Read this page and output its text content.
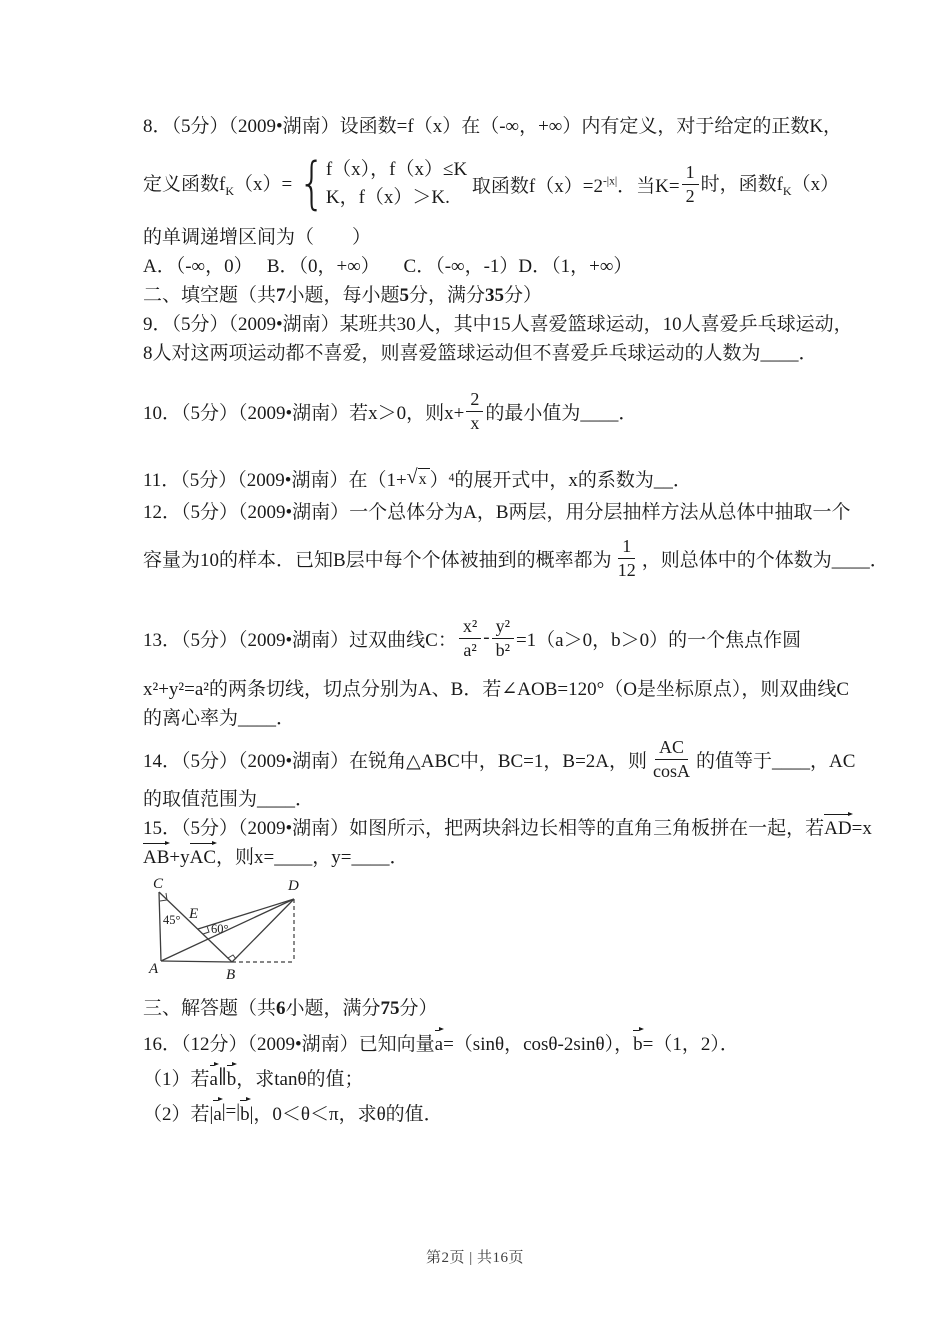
8．（5分）（2009•湖南）设函数=f（x）在（-∞，+∞）内有定义，对于给定的正数K，

定义函数$f_K(x)=$ { f（x），f（x）≤K
K，f（x）＞K.
取函数$f(x)=2^{-|x|}$．当$K= \frac{1}{2}$ 时，函数$f_K(x)$

的单调递增区间为（　　）

A．（-∞，0）   B．（0，+∞）     C．（-∞，-1）D．（1，+∞）

二、填空题（共7小题，每小题5分，满分35分）

9．（5分）（2009•湖南）某班共30人，其中15人喜爱篮球运动，10人喜爱乒乓球运动，

8人对这两项运动都不喜爱，则喜爱篮球运动但不喜爱乒乓球运动的人数为____．

10．（5分）（2009•湖南）若x＞0，则$x+ \frac{2}{x}$ 的最小值为____．
11．（5分）（2009•湖南）在（1+ √ x ） 4 的展开式中，x的系数为__．

12．（5分）（2009•湖南）一个总体分为A，B两层，用分层抽样方法从总体中抽取一个

容量为10的样本．已知B层中每个个体被抽到的概率都为 $\frac{1}{12}$ ，则总体中的个体数为____．
13．（5分）（2009•湖南）过双曲线C： $\frac{\text{x²}}{\text{a²}} - \frac{\text{y²}}{\text{b²}} =1(a>0$，b＞0）的一个焦点作圆

x²+y²=a²的两条切线，切点分别为A、B．若∠AOB=120°（O是坐标原点），则双曲线C

的离心率为____．

14．（5分）（2009•湖南）在锐角△ABC中，BC=1，B=2A，则 $\frac{AC}{\cos A}$ 的值等于____，AC

的取值范围为____．

15．（5分）（2009•湖南）如图所示，把两块斜边长相等的直角三角板拼在一起，若AD=x

AB+yAC，则x=____，y=____．

C
A	B
D
E
45°
60°

三、解答题（共6小题，满分75分）

16．（12分）（2009•湖南）已知向量 a =（sinθ，cosθ-2sinθ）， b =（1，2）．
（1）若 a ∥ b ，求tanθ的值；
（2）若| a |=| b |，0＜θ＜π，求θ的值．
第2页 | 共16页
